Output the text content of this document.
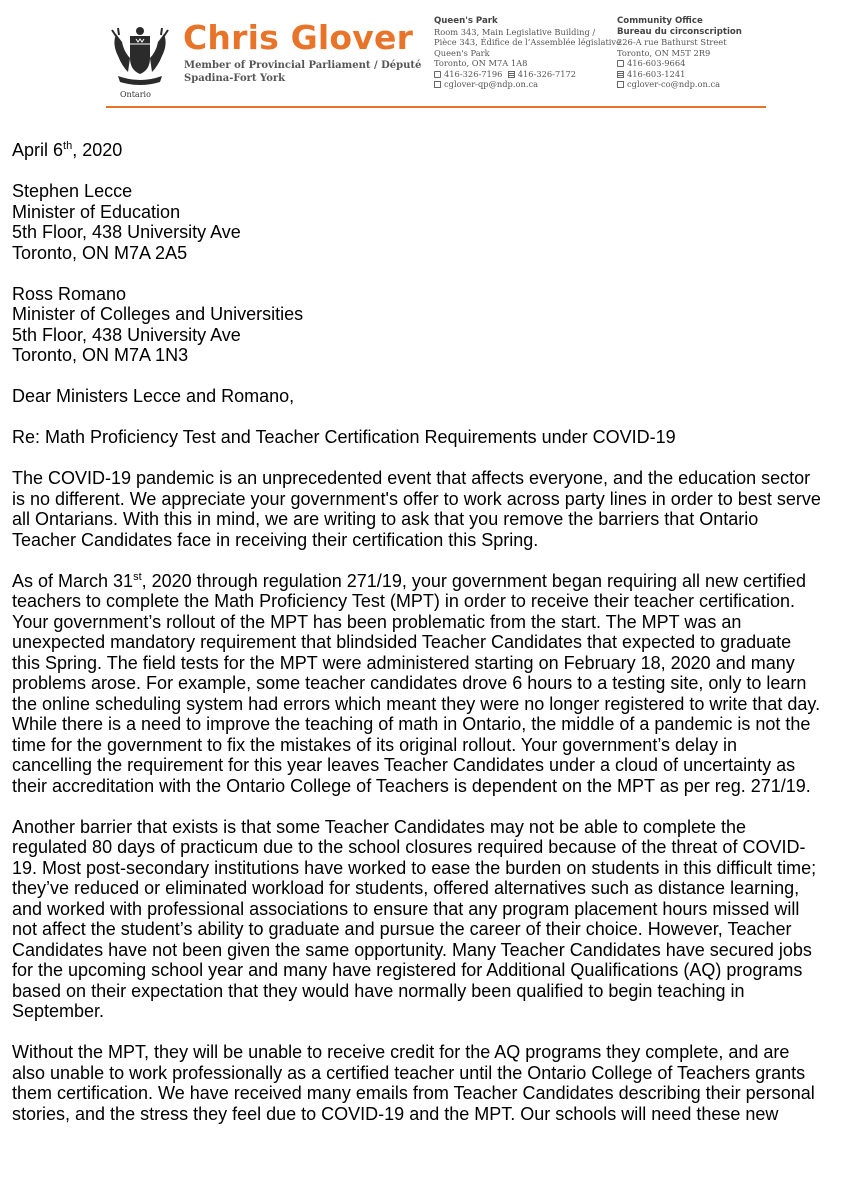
Ontario
Chris Glover
Member of Provincial Parliament / Député
Spadina-Fort York
Queen's Park
Room 343, Main Legislative Building /
Pièce 343, Édifice de l’Assemblée législative
Queen's Park
Toronto, ON M7A 1A8
416-326-7196 416-326-7172
cglover-qp@ndp.on.ca
Community Office
Bureau du circonscription
226-A rue Bathurst Street
Toronto, ON M5T 2R9
416-603-9664
416-603-1241
cglover-co@ndp.on.ca

April 6th, 2020

Stephen Lecce

Minister of Education

5th Floor, 438 University Ave

Toronto, ON M7A 2A5

Ross Romano

Minister of Colleges and Universities

5th Floor, 438 University Ave

Toronto, ON M7A 1N3

Dear Ministers Lecce and Romano,

Re: Math Proficiency Test and Teacher Certification Requirements under COVID-19

The COVID-19 pandemic is an unprecedented event that affects everyone, and the education sector

is no different. We appreciate your government's offer to work across party lines in order to best serve

all Ontarians. With this in mind, we are writing to ask that you remove the barriers that Ontario

Teacher Candidates face in receiving their certification this Spring.

As of March 31st, 2020 through regulation 271/19, your government began requiring all new certified

teachers to complete the Math Proficiency Test (MPT) in order to receive their teacher certification.

Your government’s rollout of the MPT has been problematic from the start. The MPT was an

unexpected mandatory requirement that blindsided Teacher Candidates that expected to graduate

this Spring. The field tests for the MPT were administered starting on February 18, 2020 and many

problems arose. For example, some teacher candidates drove 6 hours to a testing site, only to learn

the online scheduling system had errors which meant they were no longer registered to write that day.

While there is a need to improve the teaching of math in Ontario, the middle of a pandemic is not the

time for the government to fix the mistakes of its original rollout. Your government’s delay in

cancelling the requirement for this year leaves Teacher Candidates under a cloud of uncertainty as

their accreditation with the Ontario College of Teachers is dependent on the MPT as per reg. 271/19.

Another barrier that exists is that some Teacher Candidates may not be able to complete the

regulated 80 days of practicum due to the school closures required because of the threat of COVID-

19. Most post-secondary institutions have worked to ease the burden on students in this difficult time;

they’ve reduced or eliminated workload for students, offered alternatives such as distance learning,

and worked with professional associations to ensure that any program placement hours missed will

not affect the student’s ability to graduate and pursue the career of their choice. However, Teacher

Candidates have not been given the same opportunity. Many Teacher Candidates have secured jobs

for the upcoming school year and many have registered for Additional Qualifications (AQ) programs

based on their expectation that they would have normally been qualified to begin teaching in

September.

Without the MPT, they will be unable to receive credit for the AQ programs they complete, and are

also unable to work professionally as a certified teacher until the Ontario College of Teachers grants

them certification. We have received many emails from Teacher Candidates describing their personal

stories, and the stress they feel due to COVID-19 and the MPT. Our schools will need these new
